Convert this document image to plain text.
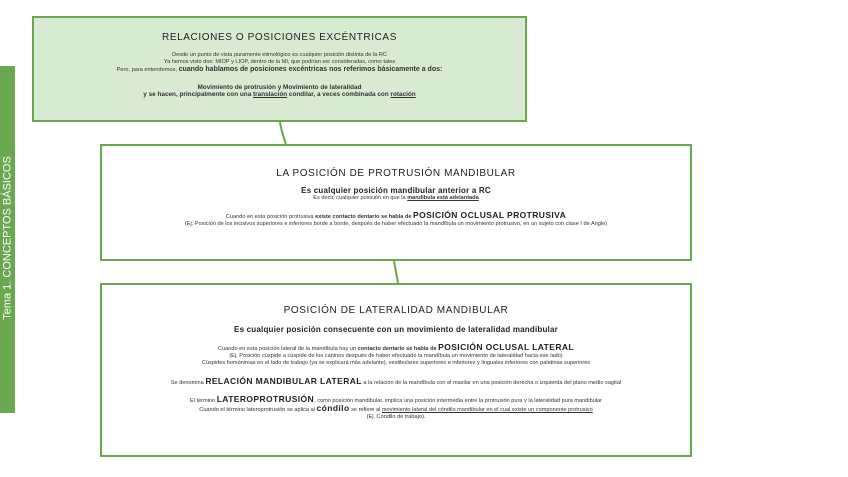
Tema 1. CONCEPTOS BÁSICOS
RELACIONES O POSICIONES EXCÉNTRICAS
Desde un punto de vista puramente etimológico es cualquier posición distinta de la RC
Ya hemos visto dos: MIOP y LIOP, dentro de la MI, que podrían ser consideradas, como tales
Pero, para entendernos, cuando hablamos de posiciones excéntricas nos referimos básicamente a dos:
Movimiento de protrusión y Movimiento de lateralidad
y se hacen, principalmente con una translación condilar, a veces combinada con rotación
LA POSICIÓN DE PROTRUSIÓN MANDIBULAR
Es cualquier posición mandibular anterior a RC
Es decir, cualquier posición en que la mandíbula está adelantada
Cuando en esta posición protrusiva existe contacto dentario se habla de POSICIÓN OCLUSAL PROTRUSIVA
(Ej. Posición de los incisivos superiores e inferiores borde a borde, después de haber efectuado la mandíbula un movimiento protrusivo, en un sujeto con clase I de Angle)
POSICIÓN DE LATERALIDAD MANDIBULAR
Es cualquier posición consecuente con un movimiento de lateralidad mandibular
Cuando en esta posición lateral de la mandíbula hay un contacto dentario se habla de POSICIÓN OCLUSAL LATERAL
(Ej. Posición cúspide a cúspide de los caninos después de haber efectuado la mandíbula un movimiento de lateralidad hacia ese lado)
Cúspides homónimas en el lado de trabajo (ya se explicará más adelante), vestibulares superiores e inferiores y linguales inferiores con palatinas superiores
Se denomina RELACIÓN MANDIBULAR LATERAL a la relación de la mandíbula con el maxilar en una posición derecha o izquierda del plano medio sagital
El término LATEROPROTRUSIÓN, como posición mandibular, implica una posición intermedia entre la protrusión pura y la lateralidad pura mandibular
Cuando el término lateroprotrusión se aplica al cóndilo se refiere al movimiento lateral del cóndilo mandibular en el cual existe un componente protrusivo
(Ej. Cóndilo de trabajo).
